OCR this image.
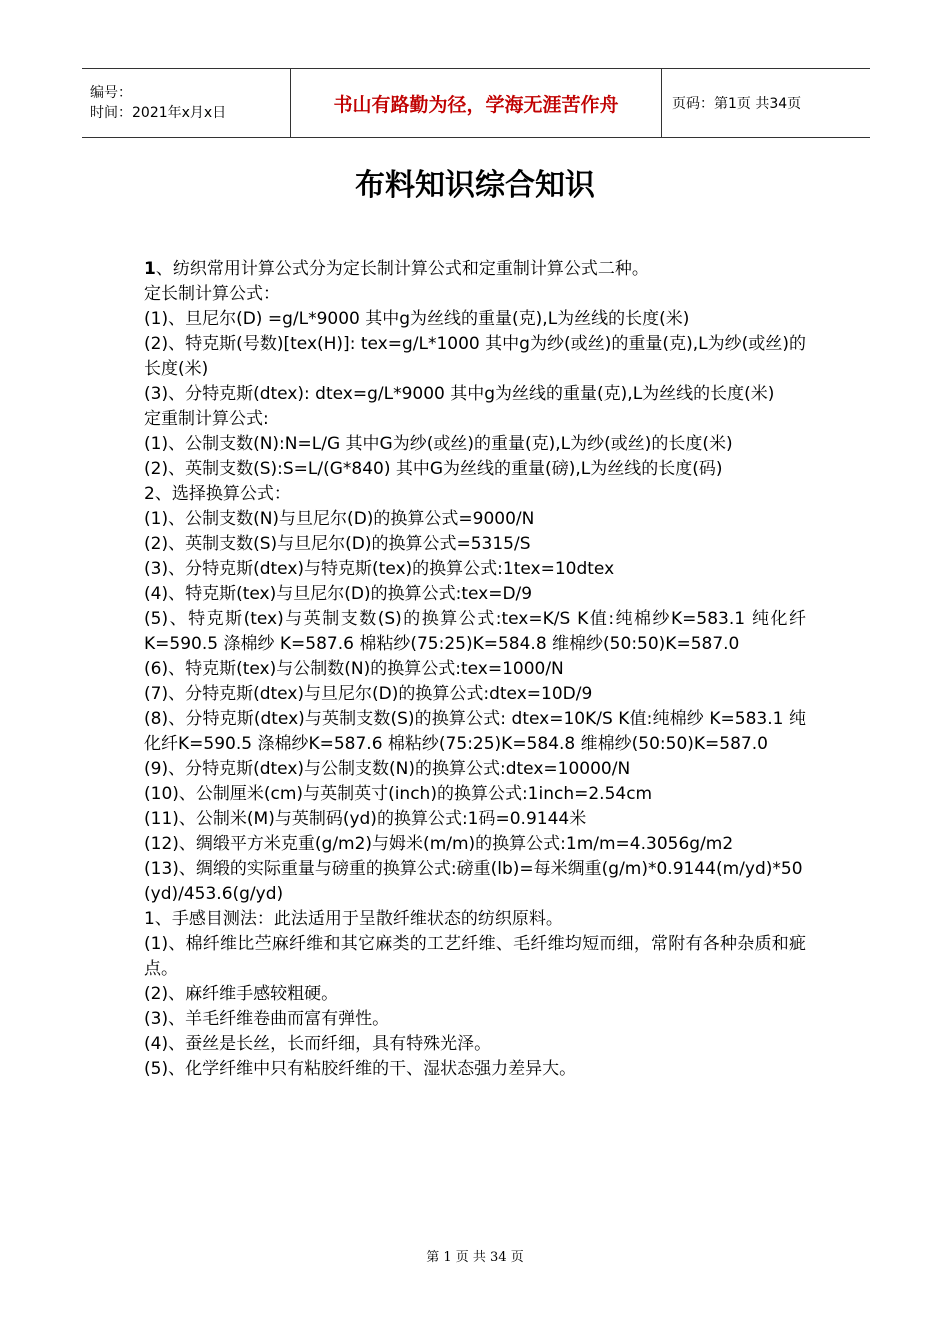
编号：
时间：2021年x月x日	书山有路勤为径，学海无涯苦作舟	页码：第1页 共34页
布料知识综合知识

1、纺织常用计算公式分为定长制计算公式和定重制计算公式二种。

定长制计算公式：

(1)、旦尼尔(D) =g/L*9000 其中g为丝线的重量(克),L为丝线的长度(米)

(2)、特克斯(号数)[tex(H)]: tex=g/L*1000 其中g为纱(或丝)的重量(克),L为纱(或丝)的长度(米)

(3)、分特克斯(dtex): dtex=g/L*9000 其中g为丝线的重量(克),L为丝线的长度(米)

定重制计算公式:

(1)、公制支数(N):N=L/G 其中G为纱(或丝)的重量(克),L为纱(或丝)的长度(米)

(2)、英制支数(S):S=L/(G*840) 其中G为丝线的重量(磅),L为丝线的长度(码)

2、选择换算公式：

(1)、公制支数(N)与旦尼尔(D)的换算公式=9000/N

(2)、英制支数(S)与旦尼尔(D)的换算公式=5315/S

(3)、分特克斯(dtex)与特克斯(tex)的换算公式:1tex=10dtex

(4)、特克斯(tex)与旦尼尔(D)的换算公式:tex=D/9

(5)、特克斯(tex)与英制支数(S)的换算公式:tex=K/S K值:纯棉纱K=583.1 纯化纤 K=590.5 涤棉纱 K=587.6 棉粘纱(75:25)K=584.8 维棉纱(50:50)K=587.0

(6)、特克斯(tex)与公制数(N)的换算公式:tex=1000/N

(7)、分特克斯(dtex)与旦尼尔(D)的换算公式:dtex=10D/9

(8)、分特克斯(dtex)与英制支数(S)的换算公式: dtex=10K/S K值:纯棉纱 K=583.1 纯化纤K=590.5 涤棉纱K=587.6 棉粘纱(75:25)K=584.8 维棉纱(50:50)K=587.0

(9)、分特克斯(dtex)与公制支数(N)的换算公式:dtex=10000/N

(10)、公制厘米(cm)与英制英寸(inch)的换算公式:1inch=2.54cm

(11)、公制米(M)与英制码(yd)的换算公式:1码=0.9144米

(12)、绸缎平方米克重(g/m2)与姆米(m/m)的换算公式:1m/m=4.3056g/m2

(13)、绸缎的实际重量与磅重的换算公式:磅重(lb)=每米绸重(g/m)*0.9144(m/yd)*50(yd)/453.6(g/yd)

1、手感目测法：此法适用于呈散纤维状态的纺织原料。

(1)、棉纤维比苎麻纤维和其它麻类的工艺纤维、毛纤维均短而细，常附有各种杂质和疵点。

(2)、麻纤维手感较粗硬。

(3)、羊毛纤维卷曲而富有弹性。

(4)、蚕丝是长丝，长而纤细，具有特殊光泽。

(5)、化学纤维中只有粘胶纤维的干、湿状态强力差异大。

第 1 页 共 34 页
